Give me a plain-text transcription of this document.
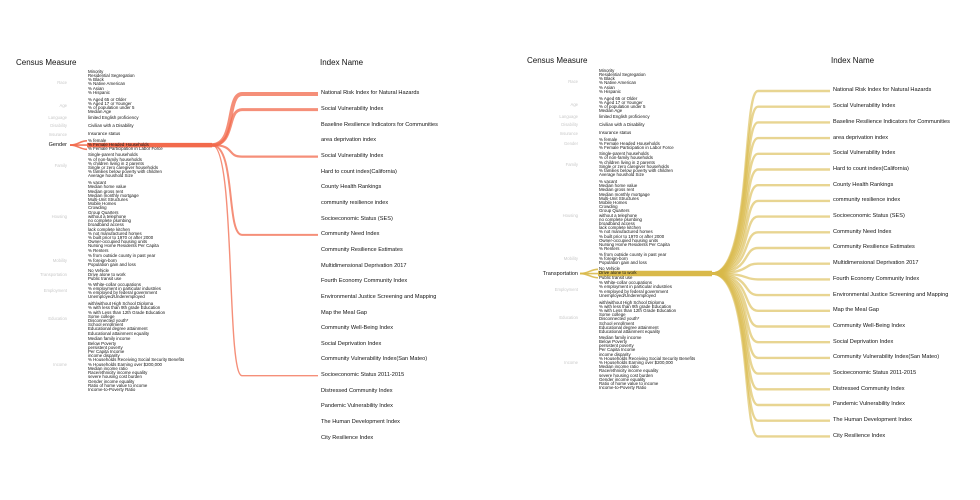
Census Measure	Index Name
Race
Age
Language
Disability
Insurance
Gender
Family
Housing
Mobility
Transportation
Employment
Education
Income
Minority
Residential Segregation
% Black
% Native American
% Asian
% Hispanic
% Aged 65 or Older
% Aged 17 or Younger
% of population under 5
Median Age
limited English proficiency
Civilian with a Disability
Insurance status
% female
% Female Headed Households
% Female Participation in Labor Force
Single-parent households
% of non-family households
% children living in 2 parents
Single or zero caregiver households
% families below poverty with children
Average houshold Size
% vacant
Median home value
Median gross rent
Median monthly mortgage
Multi-Unit Structures
Mobile Homes
Crowding
Group Quarters
without a telephone
no complete plumbing
broadband access
lack complete kitchen
% not manufactured homes
% built prior to 1970 or after 2000
Owner-occupied housing units
Nursing Home Residents Per Capita
% Renters
% from outside county in past year
% foreign-born
Population gain and loss
No Vehicle
Drive alone to work
Public transit use
% White-collar occupations
% employment in particular industries
% employed by federal government
Unemployed/Underemployed
with/without High School Diploma
% with less than 9th grade Education
% with Less than 12th Grade Education
Some college
Disconnected youth*
School enrollment
Educational degree attainment
Educational attainment equality
Median family income
Below Poverty
persistent poverty
Per Capita Income
income disparity
% Households Receiving Social Security Benefits
% Households Earning over $200,000
Median income ratio
Race/ethnicity income equality
severe housing cost burden
Gender income equality
Ratio of home value to income
Income-to-Poverty Ratio
National Risk Index for Natural Hazards
Social Vulnerability Index
Baseline Resilience Indicators for Communities
area deprivation index
Social Vulnerability Index
Hard to count index(California)
County Health Rankings
community resilience index
Socioeconomic Status (SES)
Community Need Index
Community Resilience Estimates
Multidimensional Deprivation 2017
Fourth Economy Community Index
Environmental Justice Screening and Mapping
Map the Meal Gap
Community Well-Being Index
Social Deprivation Index
Community Vulnerability Index(San Mateo)
Socioeconomic Status 2011-2015
Distressed Community Index
Pandemic Vulnerability Index
The Human Development Index
City Resilience Index
Census Measure	Index Name
Race
Age
Language
Disability
Insurance
Gender
Family
Housing
Mobility
Transportation
Employment
Education
Income
Minority
Residential Segregation
% Black
% Native American
% Asian
% Hispanic
% Aged 65 or Older
% Aged 17 or Younger
% of population under 5
Median Age
limited English proficiency
Civilian with a Disability
Insurance status
% female
% Female Headed Households
% Female Participation in Labor Force
Single-parent households
% of non-family households
% children living in 2 parents
Single or zero caregiver households
% families below poverty with children
Average houshold Size
% vacant
Median home value
Median gross rent
Median monthly mortgage
Multi-Unit Structures
Mobile Homes
Crowding
Group Quarters
without a telephone
no complete plumbing
broadband access
lack complete kitchen
% not manufactured homes
% built prior to 1970 or after 2000
Owner-occupied housing units
Nursing Home Residents Per Capita
% Renters
% from outside county in past year
% foreign-born
Population gain and loss
No Vehicle
Drive alone to work
Public transit use
% White-collar occupations
% employment in particular industries
% employed by federal government
Unemployed/Underemployed
with/without High School Diploma
% with less than 9th grade Education
% with Less than 12th Grade Education
Some college
Disconnected youth*
School enrollment
Educational degree attainment
Educational attainment equality
Median family income
Below Poverty
persistent poverty
Per Capita Income
income disparity
% Households Receiving Social Security Benefits
% Households Earning over $200,000
Median income ratio
Race/ethnicity income equality
severe housing cost burden
Gender income equality
Ratio of home value to income
Income-to-Poverty Ratio
National Risk Index for Natural Hazards
Social Vulnerability Index
Baseline Resilience Indicators for Communities
area deprivation index
Social Vulnerability Index
Hard to count index(California)
County Health Rankings
community resilience index
Socioeconomic Status (SES)
Community Need Index
Community Resilience Estimates
Multidimensional Deprivation 2017
Fourth Economy Community Index
Environmental Justice Screening and Mapping
Map the Meal Gap
Community Well-Being Index
Social Deprivation Index
Community Vulnerability Index(San Mateo)
Socioeconomic Status 2011-2015
Distressed Community Index
Pandemic Vulnerability Index
The Human Development Index
City Resilience Index
